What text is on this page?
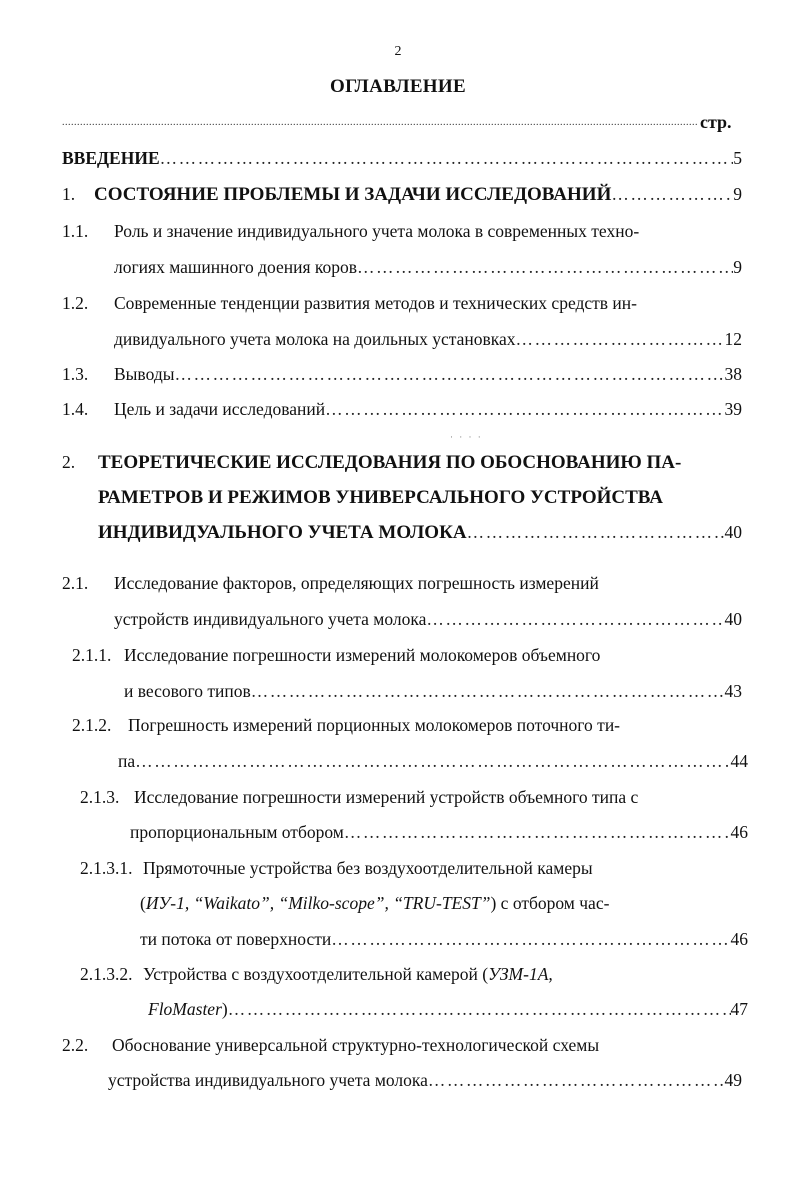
2
ОГЛАВЛЕНИЕ
.....
стр.
ВВЕДЕНИЕ ……………………………………………………………………………………………………………………………………………	5
1. СОСТОЯНИЕ ПРОБЛЕМЫ И ЗАДАЧИ ИССЛЕДОВАНИЙ ……………………………………………………………………………………………………………………………………………	9
1.1.	Роль и значение индивидуального учета молока в современных техно-
логиях машинного доения коров ……………………………………………………………………………………………………………………………………………	9
1.2.	Современные тенденции развития методов и технических средств ин-
дивидуального учета молока на доильных установках ……………………………………………………………………………………………………………………………………………	12
1.3.	Выводы ……………………………………………………………………………………………………………………………………………	38
1.4.	Цель и задачи исследований ……………………………………………………………………………………………………………………………………………	39
· · · ·
2.	ТЕОРЕТИЧЕСКИЕ ИССЛЕДОВАНИЯ ПО ОБОСНОВАНИЮ ПА-
РАМЕТРОВ И РЕЖИМОВ УНИВЕРСАЛЬНОГО УСТРОЙСТВА
ИНДИВИДУАЛЬНОГО УЧЕТА МОЛОКА ……………………………………………………………………………………………………………………………………………	40
2.1.	Исследование факторов, определяющих погрешность измерений
устройств индивидуального учета молока ……………………………………………………………………………………………………………………………………………	40
2.1.1. Исследование погрешности измерений молокомеров объемного
и весового типов ……………………………………………………………………………………………………………………………………………	43
2.1.2. Погрешность измерений порционных молокомеров поточного ти-
па ……………………………………………………………………………………………………………………………………………	44
2.1.3. Исследование погрешности измерений устройств объемного типа с
пропорциональным отбором ……………………………………………………………………………………………………………………………………………	46
2.1.3.1. Прямоточные устройства без воздухоотделительной камеры
(ИУ-1, “Waikato”, “Milko-scope”, “TRU-TEST”) с отбором час-
ти потока от поверхности ……………………………………………………………………………………………………………………………………………	46
2.1.3.2. Устройства с воздухоотделительной камерой (УЗМ-1А,
FloMaster) ……………………………………………………………………………………………………………………………………………	47
2.2.	Обоснование универсальной структурно-технологической схемы
устройства индивидуального учета молока ……………………………………………………………………………………………………………………………………………	49
